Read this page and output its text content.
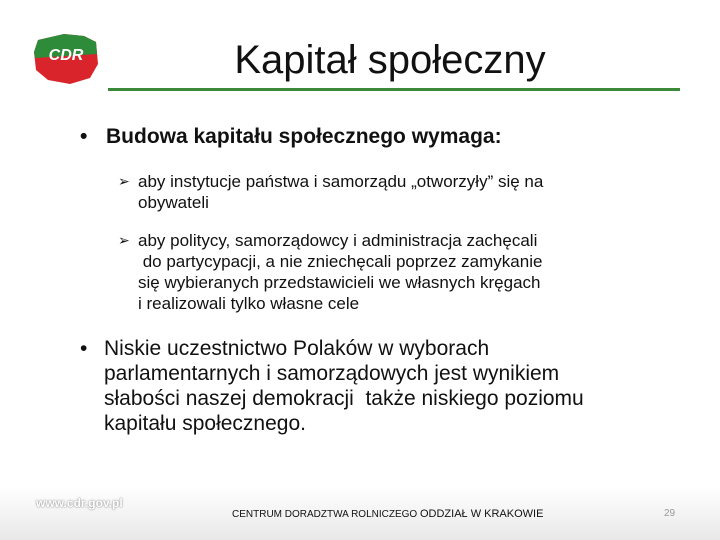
CDR	Kapitał społeczny
• Budowa kapitału społecznego wymaga:
➢ aby instytucje państwa i samorządu „otworzyły” się na
obywateli
➢ aby politycy, samorządowcy i administracja zachęcali
do partycypacji, a nie zniechęcali poprzez zamykanie
się wybieranych przedstawicieli we własnych kręgach
i realizowali tylko własne cele
• Niskie uczestnictwo Polaków w wyborach
parlamentarnych i samorządowych jest wynikiem
słabości naszej demokracji  także niskiego poziomu
kapitału społecznego.
www.cdr.gov.pl
CENTRUM DORADZTWA ROLNICZEGO ODDZIAŁ W KRAKOWIE	29
